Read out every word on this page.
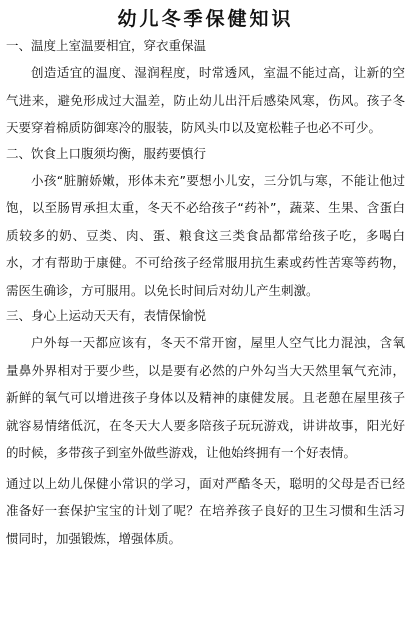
幼儿冬季保健知识
一、温度上室温要相宜，穿衣重保温
创造适宜的温度、湿润程度，时常透风，室温不能过高，让新的空气进来，避免形成过大温差，防止幼儿出汗后感染风寒，伤风。孩子冬天要穿着棉质防御寒冷的服装，防风头巾以及宽松鞋子也必不可少。
二、饮食上口腹须均衡，服药要慎行
小孩“脏腑娇嫩，形体未充”要想小儿安，三分饥与寒，不能让他过饱，以至肠胃承担太重，冬天不必给孩子“药补”，蔬菜、生果、含蛋白质较多的奶、豆类、肉、蛋、粮食这三类食品都常给孩子吃，多喝白水，才有帮助于康健。不可给孩子经常服用抗生素或药性苦寒等药物，需医生确诊，方可服用。以免长时间后对幼儿产生刺激。
三、身心上运动天天有，表情保愉悦
户外每一天都应该有，冬天不常开窗，屋里人空气比力混浊，含氧量鼻外界相对于要少些，以是要有必然的户外勾当大天然里氧气充沛，新鲜的氧气可以增进孩子身体以及精神的康健发展。且老憩在屋里孩子就容易情绪低沉，在冬天大人要多陪孩子玩玩游戏，讲讲故事，阳光好的时候，多带孩子到室外做些游戏，让他始终拥有一个好表情。
通过以上幼儿保健小常识的学习，面对严酷冬天，聪明的父母是否已经准备好一套保护宝宝的计划了呢？在培养孩子良好的卫生习惯和生活习惯同时，加强锻炼，增强体质。
